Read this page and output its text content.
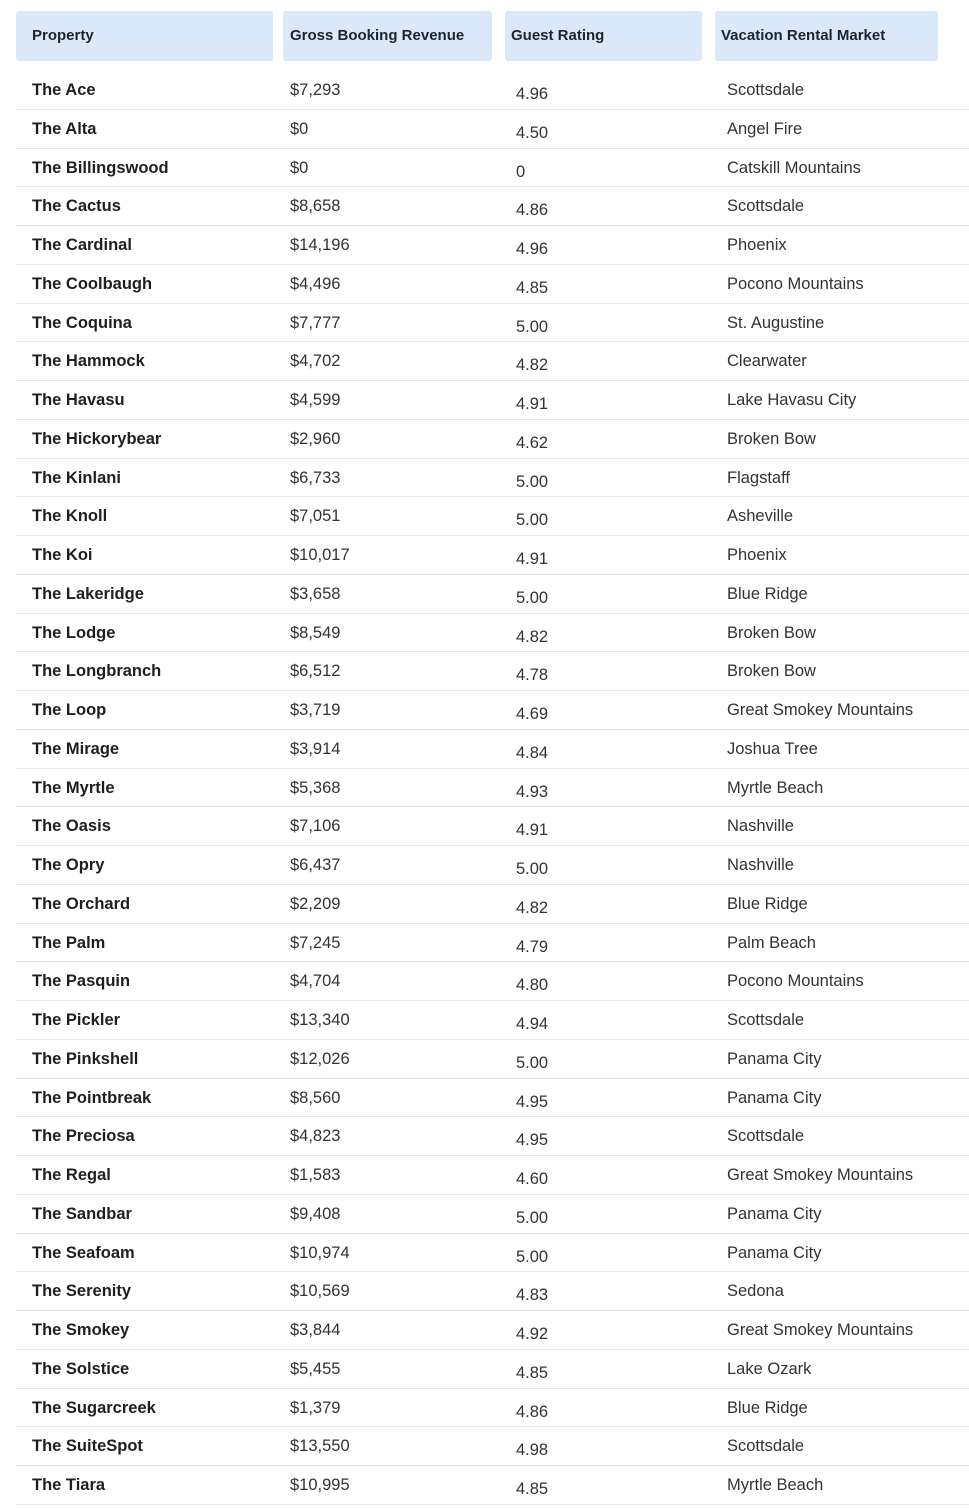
Property	Gross Booking Revenue	Guest Rating	Vacation Rental Market
The Ace	$7,293	4.96	Scottsdale
The Alta	$0	4.50	Angel Fire
The Billingswood	$0	0	Catskill Mountains
The Cactus	$8,658	4.86	Scottsdale
The Cardinal	$14,196	4.96	Phoenix
The Coolbaugh	$4,496	4.85	Pocono Mountains
The Coquina	$7,777	5.00	St. Augustine
The Hammock	$4,702	4.82	Clearwater
The Havasu	$4,599	4.91	Lake Havasu City
The Hickorybear	$2,960	4.62	Broken Bow
The Kinlani	$6,733	5.00	Flagstaff
The Knoll	$7,051	5.00	Asheville
The Koi	$10,017	4.91	Phoenix
The Lakeridge	$3,658	5.00	Blue Ridge
The Lodge	$8,549	4.82	Broken Bow
The Longbranch	$6,512	4.78	Broken Bow
The Loop	$3,719	4.69	Great Smokey Mountains
The Mirage	$3,914	4.84	Joshua Tree
The Myrtle	$5,368	4.93	Myrtle Beach
The Oasis	$7,106	4.91	Nashville
The Opry	$6,437	5.00	Nashville
The Orchard	$2,209	4.82	Blue Ridge
The Palm	$7,245	4.79	Palm Beach
The Pasquin	$4,704	4.80	Pocono Mountains
The Pickler	$13,340	4.94	Scottsdale
The Pinkshell	$12,026	5.00	Panama City
The Pointbreak	$8,560	4.95	Panama City
The Preciosa	$4,823	4.95	Scottsdale
The Regal	$1,583	4.60	Great Smokey Mountains
The Sandbar	$9,408	5.00	Panama City
The Seafoam	$10,974	5.00	Panama City
The Serenity	$10,569	4.83	Sedona
The Smokey	$3,844	4.92	Great Smokey Mountains
The Solstice	$5,455	4.85	Lake Ozark
The Sugarcreek	$1,379	4.86	Blue Ridge
The SuiteSpot	$13,550	4.98	Scottsdale
The Tiara	$10,995	4.85	Myrtle Beach
